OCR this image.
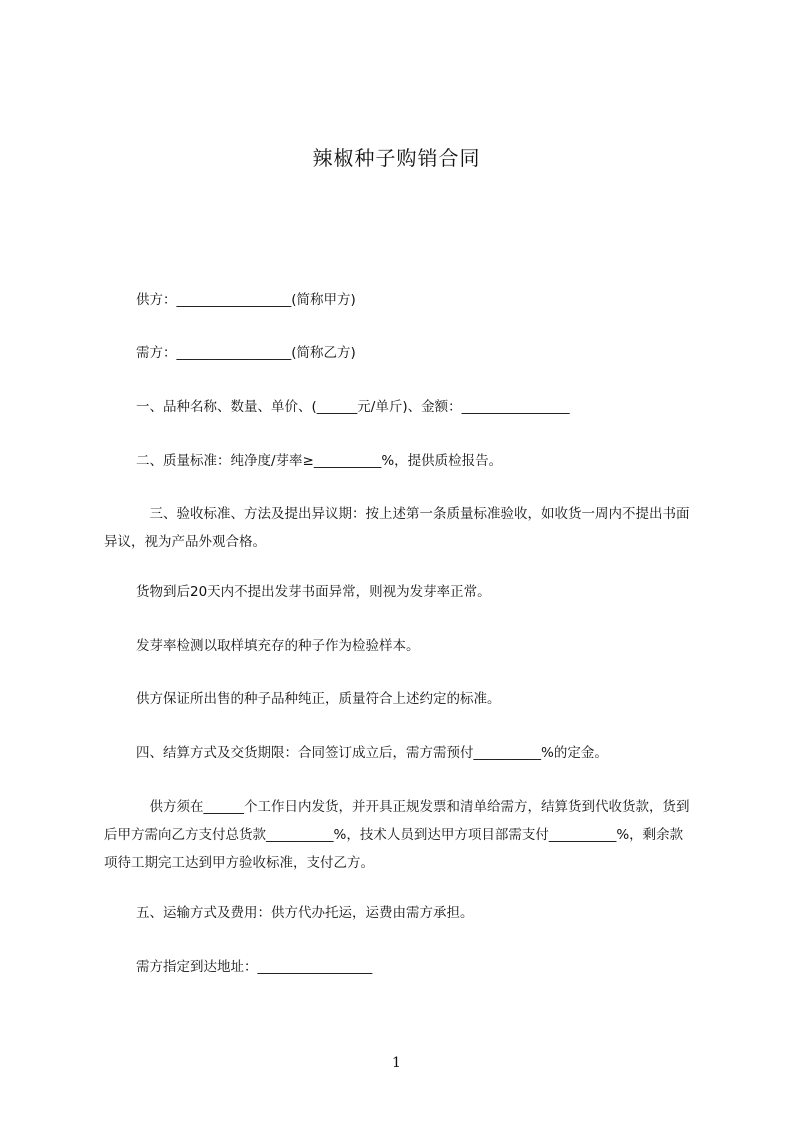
辣椒种子购销合同

供方：_________________(简称甲方)

需方：_________________(简称乙方)

一、品种名称、数量、单价、(______元/单斤)、金额：________________

二、质量标准：纯净度/芽率≥__________%，提供质检报告。

　三、验收标准、方法及提出异议期：按上述第一条质量标准验收，如收货一周内不提出书面异议，视为产品外观合格。

货物到后20天内不提出发芽书面异常，则视为发芽率正常。

发芽率检测以取样填充存的种子作为检验样本。

供方保证所出售的种子品种纯正，质量符合上述约定的标准。

四、结算方式及交货期限：合同签订成立后，需方需预付__________%的定金。

　供方须在______个工作日内发货，并开具正规发票和清单给需方，结算货到代收货款，货到后甲方需向乙方支付总货款__________%，技术人员到达甲方项目部需支付__________%，剩余款项待工期完工达到甲方验收标准，支付乙方。

五、运输方式及费用：供方代办托运，运费由需方承担。

需方指定到达地址：_________________

1
